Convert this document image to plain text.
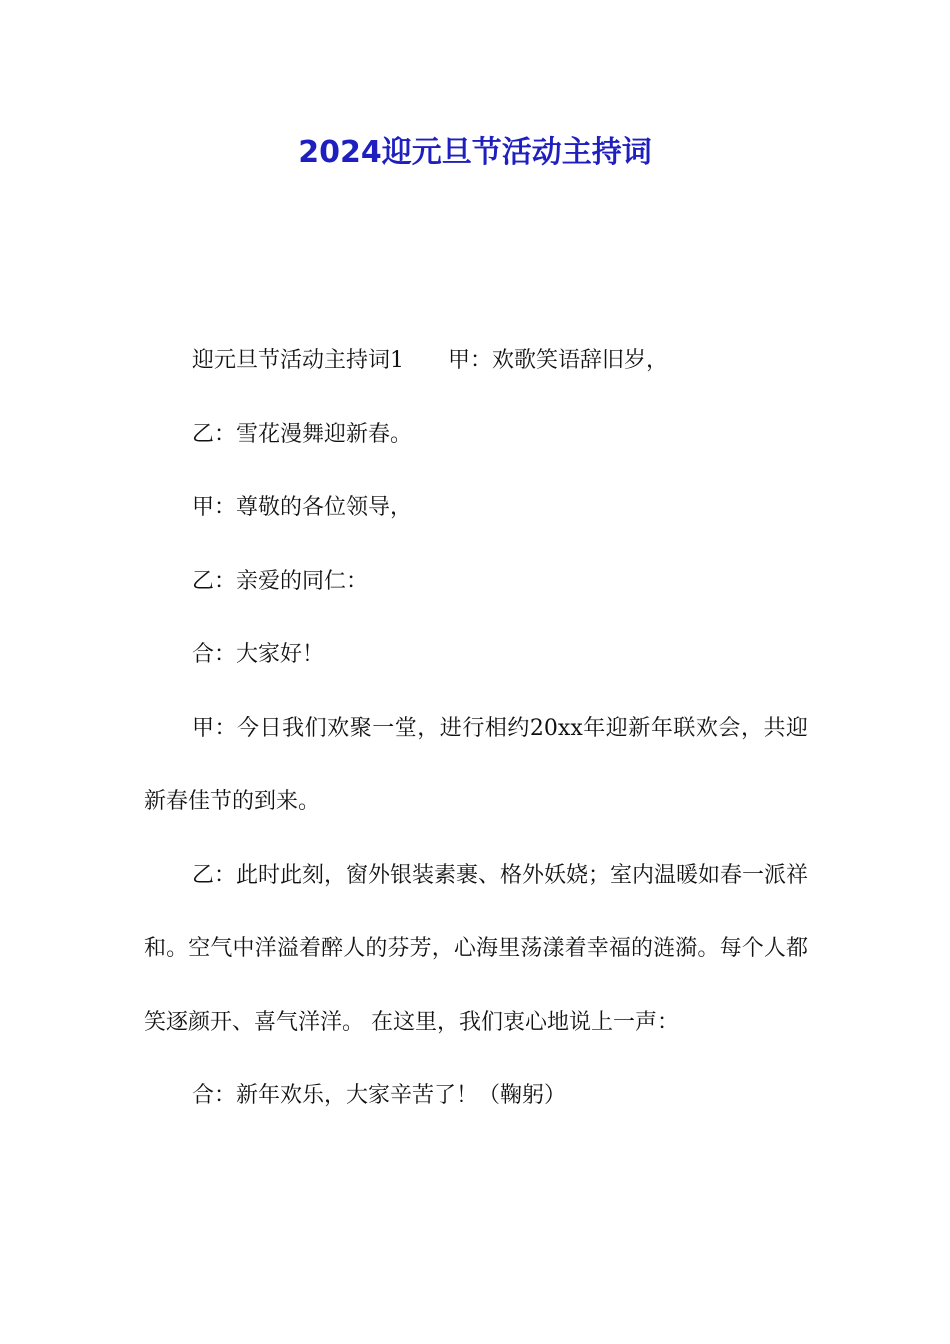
2024迎元旦节活动主持词

迎元旦节活动主持词1　　甲：欢歌笑语辞旧岁，

乙：雪花漫舞迎新春。

甲：尊敬的各位领导，

乙：亲爱的同仁：

合：大家好！

甲：今日我们欢聚一堂，进行相约20xx年迎新年联欢会，共迎新春佳节的到来。

乙：此时此刻，窗外银装素裹、格外妖娆；室内温暖如春一派祥和。空气中洋溢着醉人的芬芳，心海里荡漾着幸福的涟漪。每个人都笑逐颜开、喜气洋洋。 在这里，我们衷心地说上一声：

合：新年欢乐，大家辛苦了！（鞠躬）
